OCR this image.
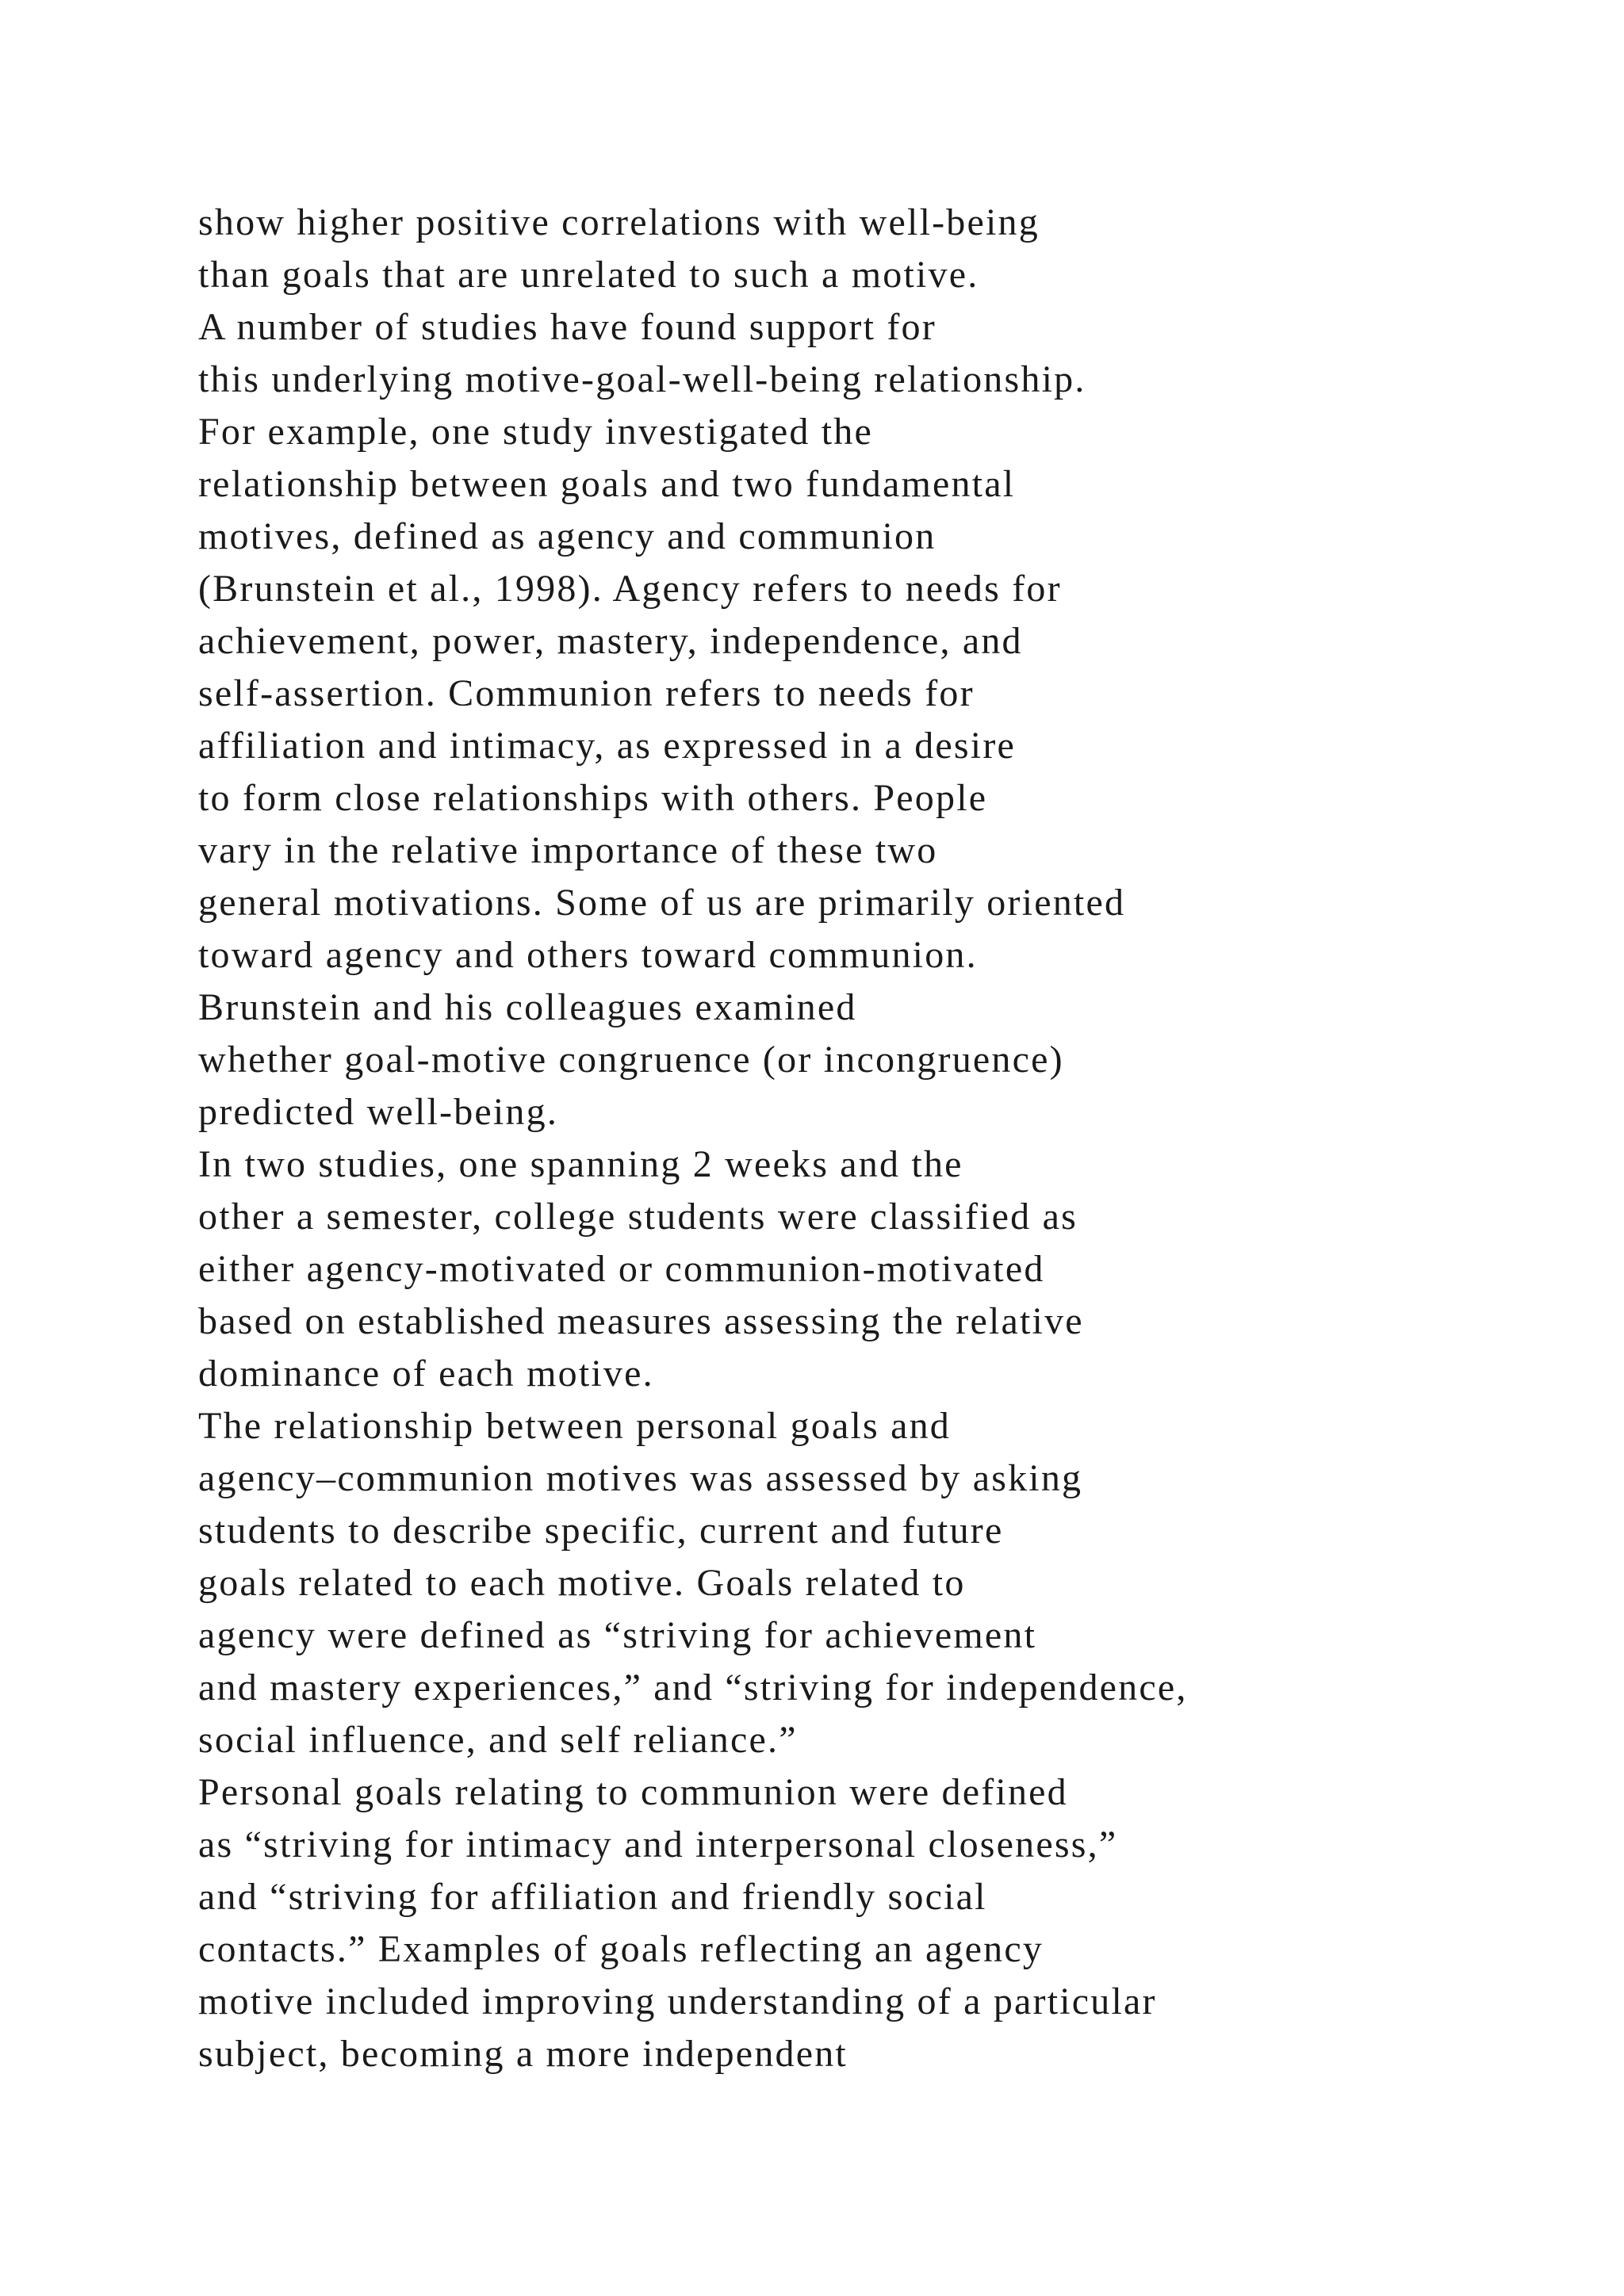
show higher positive correlations with well-being
than goals that are unrelated to such a motive.
A number of studies have found support for
this underlying motive-goal-well-being relationship.
For example, one study investigated the
relationship between goals and two fundamental
motives, defined as agency and communion
(Brunstein et al., 1998). Agency refers to needs for
achievement, power, mastery, independence, and
self-assertion. Communion refers to needs for
affiliation and intimacy, as expressed in a desire
to form close relationships with others. People
vary in the relative importance of these two
general motivations. Some of us are primarily oriented
toward agency and others toward communion.
Brunstein and his colleagues examined
whether goal-motive congruence (or incongruence)
predicted well-being.
In two studies, one spanning 2 weeks and the
other a semester, college students were classified as
either agency-motivated or communion-motivated
based on established measures assessing the relative
dominance of each motive.
The relationship between personal goals and
agency–communion motives was assessed by asking
students to describe specific, current and future
goals related to each motive. Goals related to
agency were defined as “striving for achievement
and mastery experiences,” and “striving for independence,
social influence, and self reliance.”
Personal goals relating to communion were defined
as “striving for intimacy and interpersonal closeness,”
and “striving for affiliation and friendly social
contacts.” Examples of goals reflecting an agency
motive included improving understanding of a particular
subject, becoming a more independent
